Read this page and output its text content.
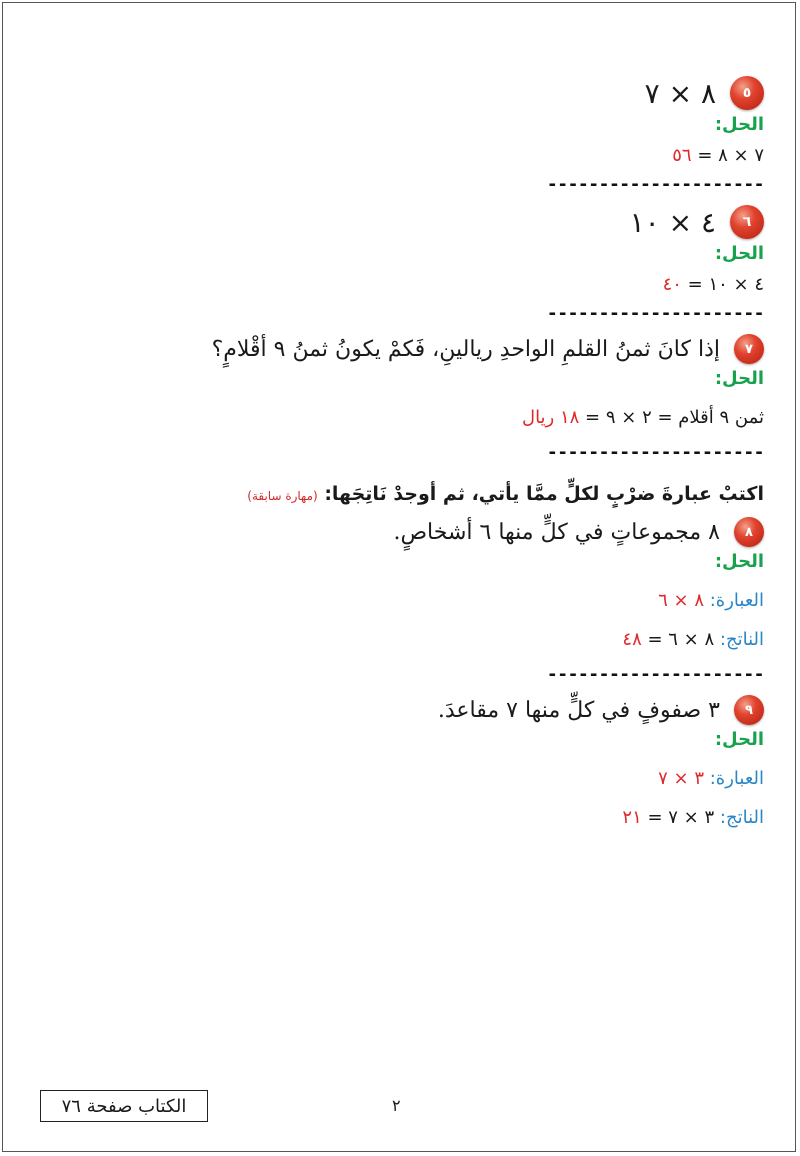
٥
٨ × ٧
الحل:
٧ × ٨ = ٥٦
---------------------
٦
٤ × ١٠
الحل:
٤ × ١٠ = ٤٠
---------------------
٧
إذا كانَ ثمنُ القلمِ الواحدِ ريالينِ، فَكمْ يكونُ ثمنُ ٩ أقْلامٍ؟
الحل:
ثمن ٩ أقلام = ٢ × ٩ = ١٨ ريال
---------------------
اكتبْ عبارةَ ضرْبٍ لكلٍّ ممَّا يأتي، ثم أوجدْ نَاتِجَها: (مهارة سابقة)
٨
٨ مجموعاتٍ في كلٍّ منها ٦ أشخاصٍ.
الحل:
العبارة: ٨ × ٦
الناتج: ٨ × ٦ = ٤٨
---------------------
٩
٣ صفوفٍ في كلٍّ منها ٧ مقاعدَ.
الحل:
العبارة: ٣ × ٧
الناتج: ٣ × ٧ = ٢١
الكتاب صفحة ٧٦	٢
